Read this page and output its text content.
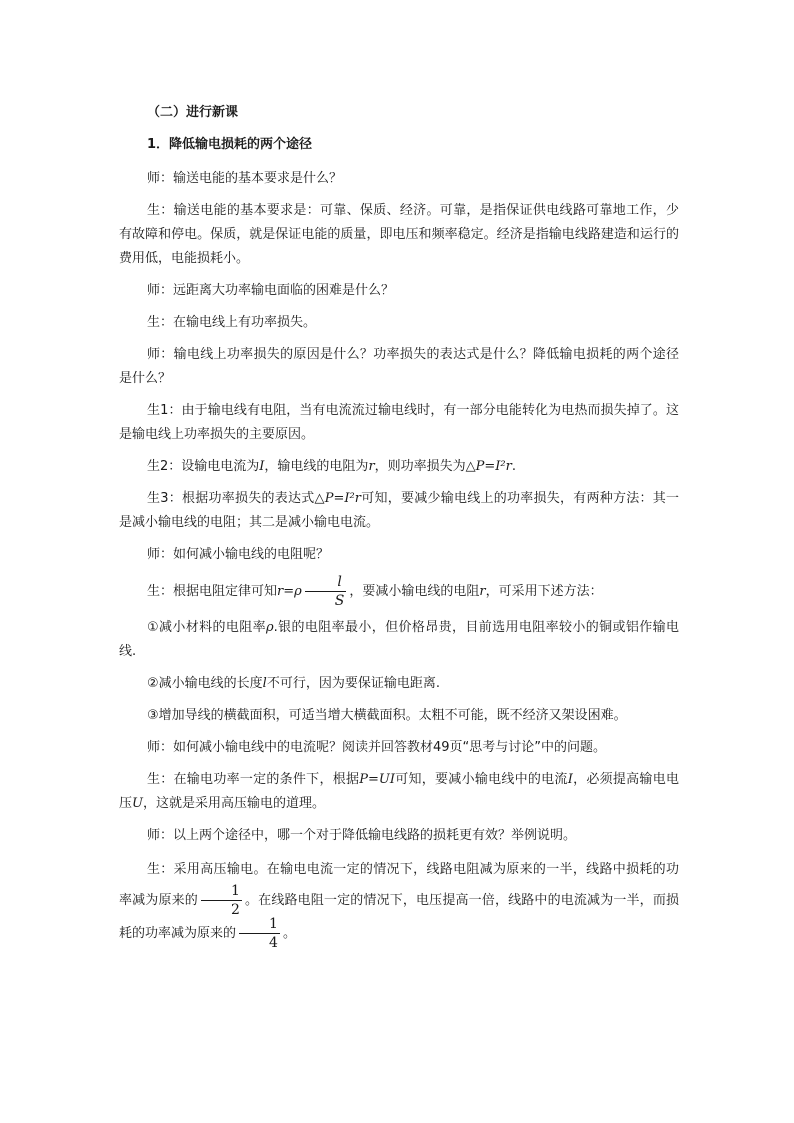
（二）进行新课

1．降低输电损耗的两个途径

师：输送电能的基本要求是什么？

生：输送电能的基本要求是：可靠、保质、经济。可靠，是指保证供电线路可靠地工作，少有故障和停电。保质，就是保证电能的质量，即电压和频率稳定。经济是指输电线路建造和运行的费用低，电能损耗小。

师：远距离大功率输电面临的困难是什么？

生：在输电线上有功率损失。

师：输电线上功率损失的原因是什么？功率损失的表达式是什么？降低输电损耗的两个途径是什么？

生1：由于输电线有电阻，当有电流流过输电线时，有一部分电能转化为电热而损失掉了。这是输电线上功率损失的主要原因。

生2：设输电电流为I，输电线的电阻为r，则功率损失为△P=I²r.

生3：根据功率损失的表达式△P=I²r可知，要减少输电线上的功率损失，有两种方法：其一是减小输电线的电阻；其二是减小输电电流。

师：如何减小输电线的电阻呢？

生：根据电阻定律可知$r=\rho \frac{l}{S}$ ，要减小输电线的电阻r，可采用下述方法：

①减小材料的电阻率ρ.银的电阻率最小，但价格昂贵，目前选用电阻率较小的铜或铝作输电线.

②减小输电线的长度l不可行，因为要保证输电距离.

③增加导线的横截面积，可适当增大横截面积。太粗不可能，既不经济又架设困难。

师：如何减小输电线中的电流呢？阅读并回答教材49页“思考与讨论”中的问题。

生：在输电功率一定的条件下，根据P=UI可知，要减小输电线中的电流I，必须提高输电电压U，这就是采用高压输电的道理。

师：以上两个途径中，哪一个对于降低输电线路的损耗更有效？举例说明。

生：采用高压输电。在输电电流一定的情况下，线路电阻减为原来的一半，线路中损耗的功率减为原来的 $\frac{1}{2}$ 。在线路电阻一定的情况下，电压提高一倍，线路中的电流减为一半，而损耗的功率减为原来的 $\frac{1}{4}$ 。
